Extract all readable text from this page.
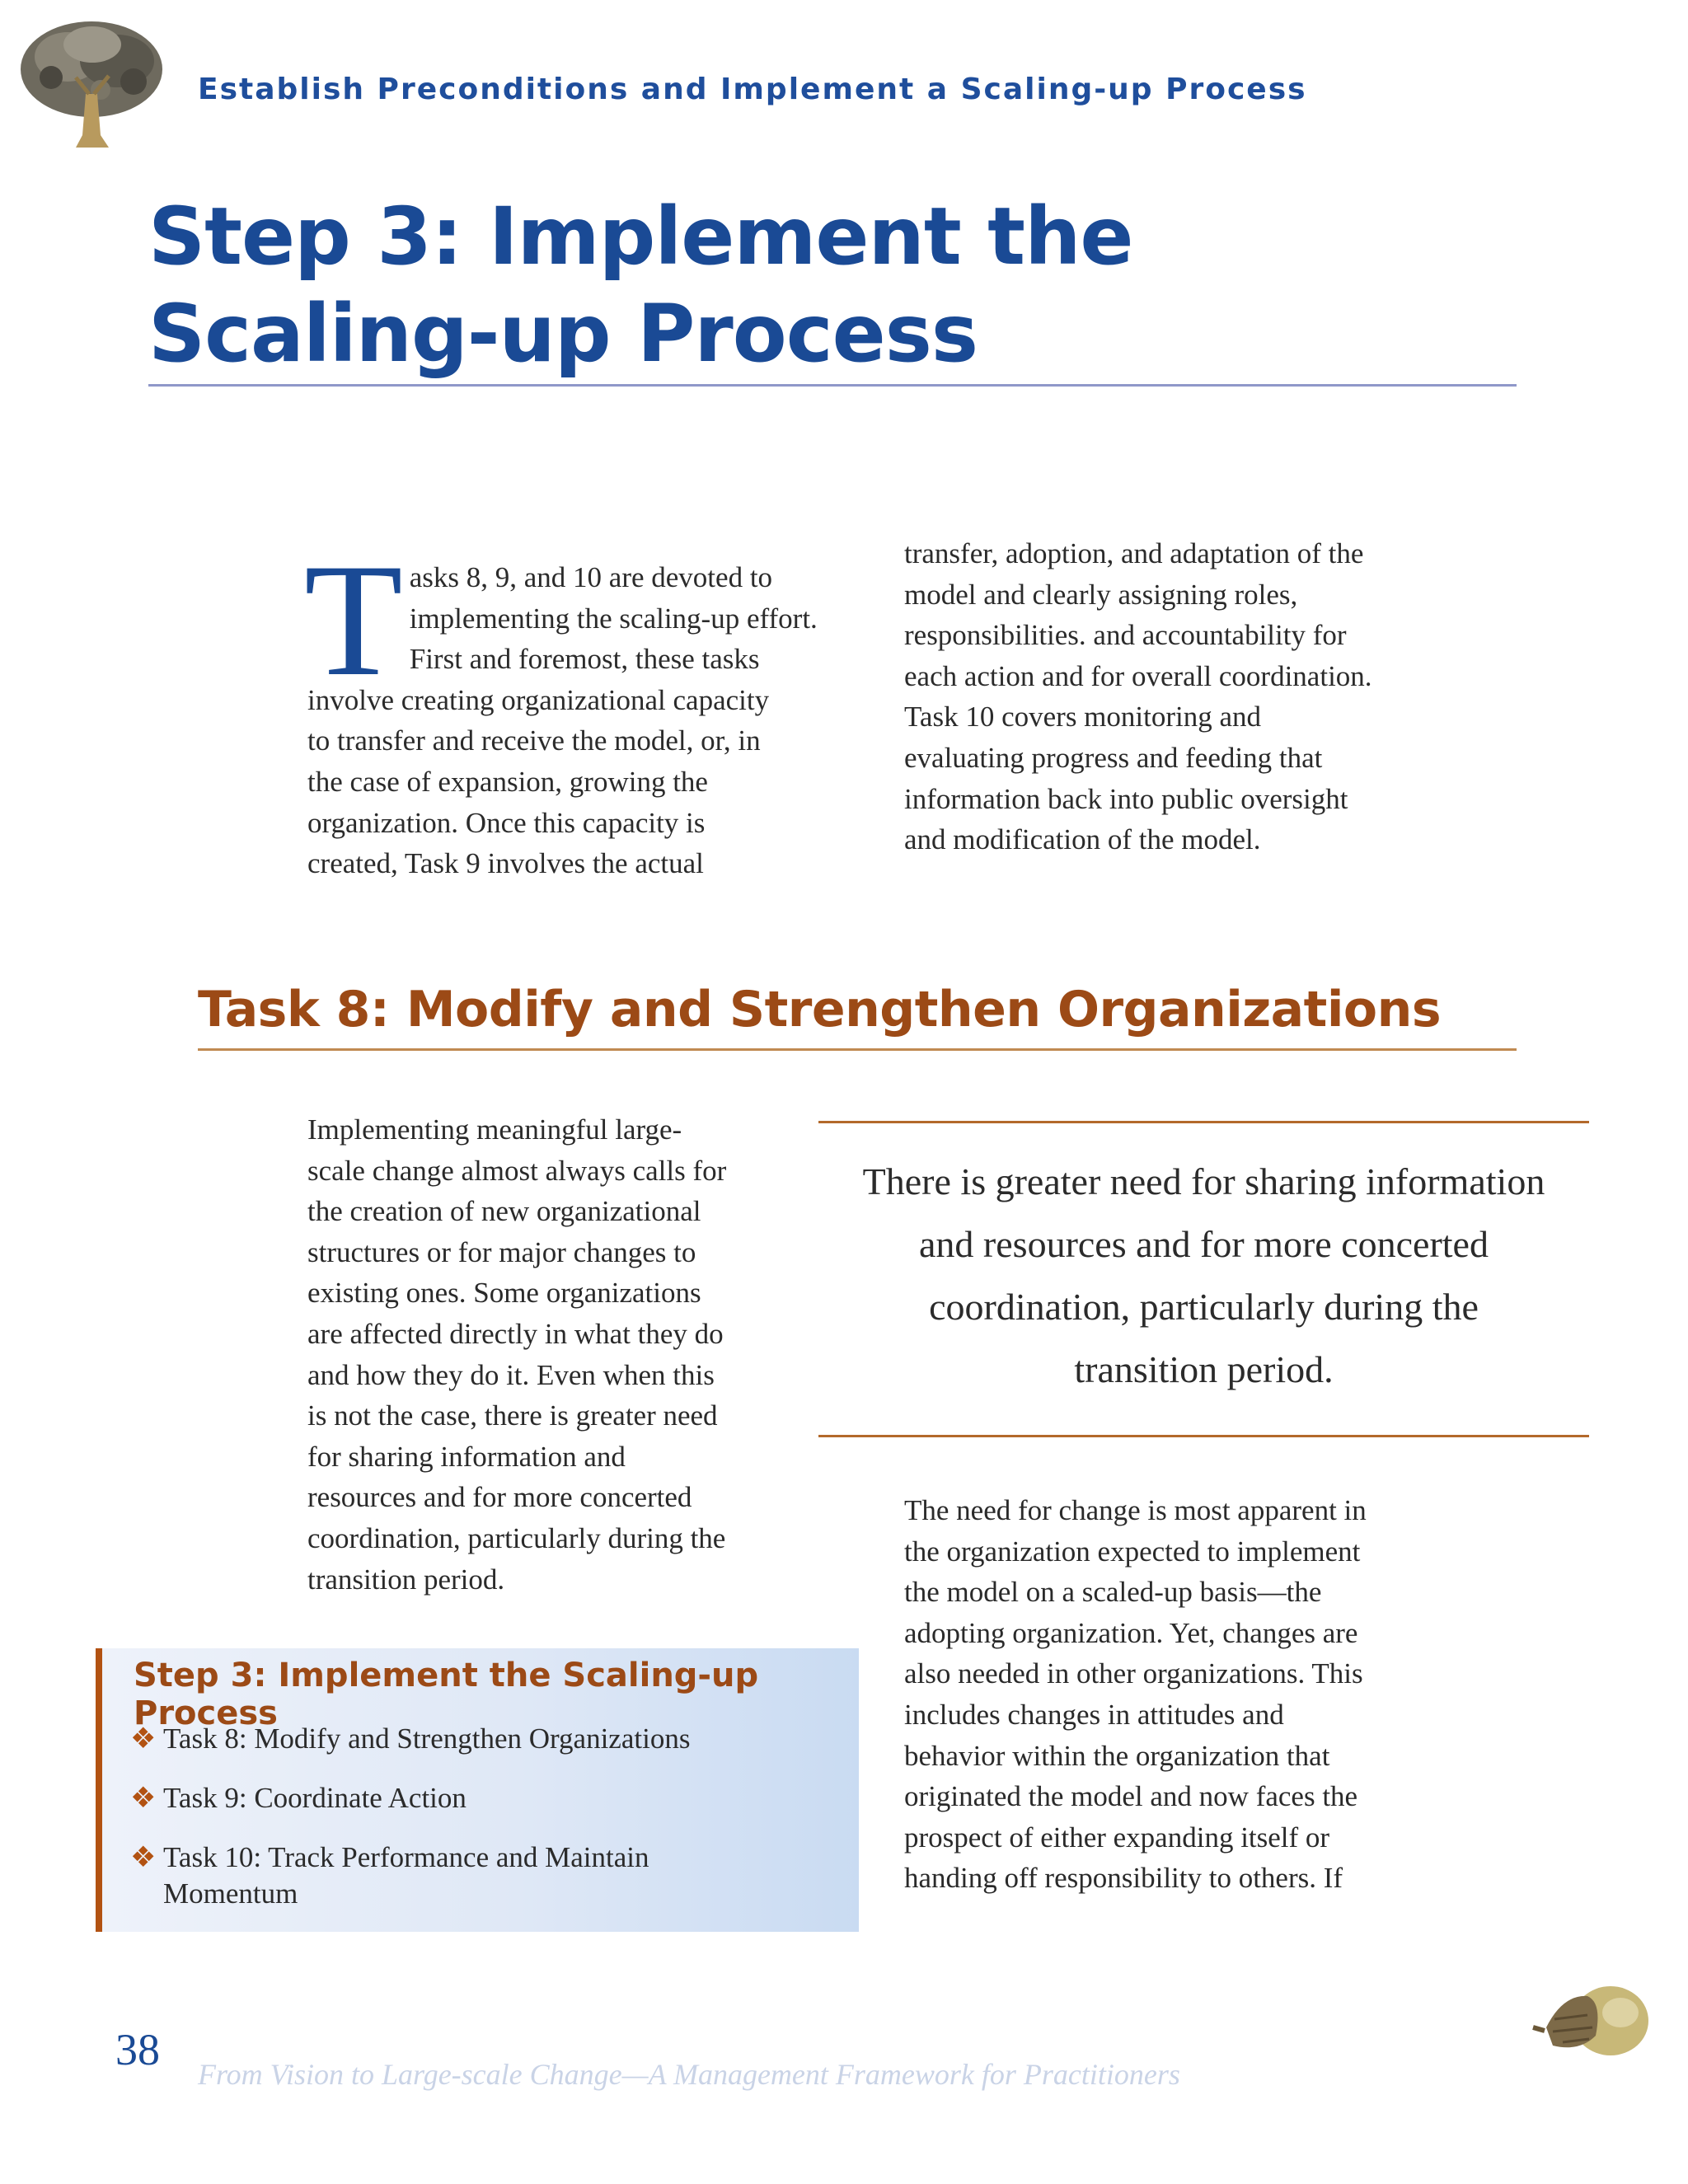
Establish Preconditions and Implement a Scaling-up Process
Step 3: Implement the
Scaling-up Process
T asks 8, 9, and 10 are devoted to
implementing the scaling-up effort.
First and foremost, these tasks
involve creating organizational capacity
to transfer and receive the model, or, in
the case of expansion, growing the
organization. Once this capacity is
created, Task 9 involves the actual
transfer, adoption, and adaptation of the
model and clearly assigning roles,
responsibilities. and accountability for
each action and for overall coordination.
Task 10 covers monitoring and
evaluating progress and feeding that
information back into public oversight
and modification of the model.
Task 8: Modify and Strengthen Organizations
Implementing meaningful large-
scale change almost always calls for
the creation of new organizational
structures or for major changes to
existing ones. Some organizations
are affected directly in what they do
and how they do it. Even when this
is not the case, there is greater need
for sharing information and
resources and for more concerted
coordination, particularly during the
transition period.
There is greater need for sharing information
and resources and for more concerted
coordination, particularly during the
transition period.
The need for change is most apparent in
the organization expected to implement
the model on a scaled-up basis—the
adopting organization. Yet, changes are
also needed in other organizations. This
includes changes in attitudes and
behavior within the organization that
originated the model and now faces the
prospect of either expanding itself or
handing off responsibility to others. If
Step 3: Implement the Scaling-up Process
❖ Task 8: Modify and Strengthen Organizations
❖ Task 9: Coordinate Action
❖ Task 10: Track Performance and Maintain
Momentum
38 From Vision to Large-scale Change—A Management Framework for Practitioners
